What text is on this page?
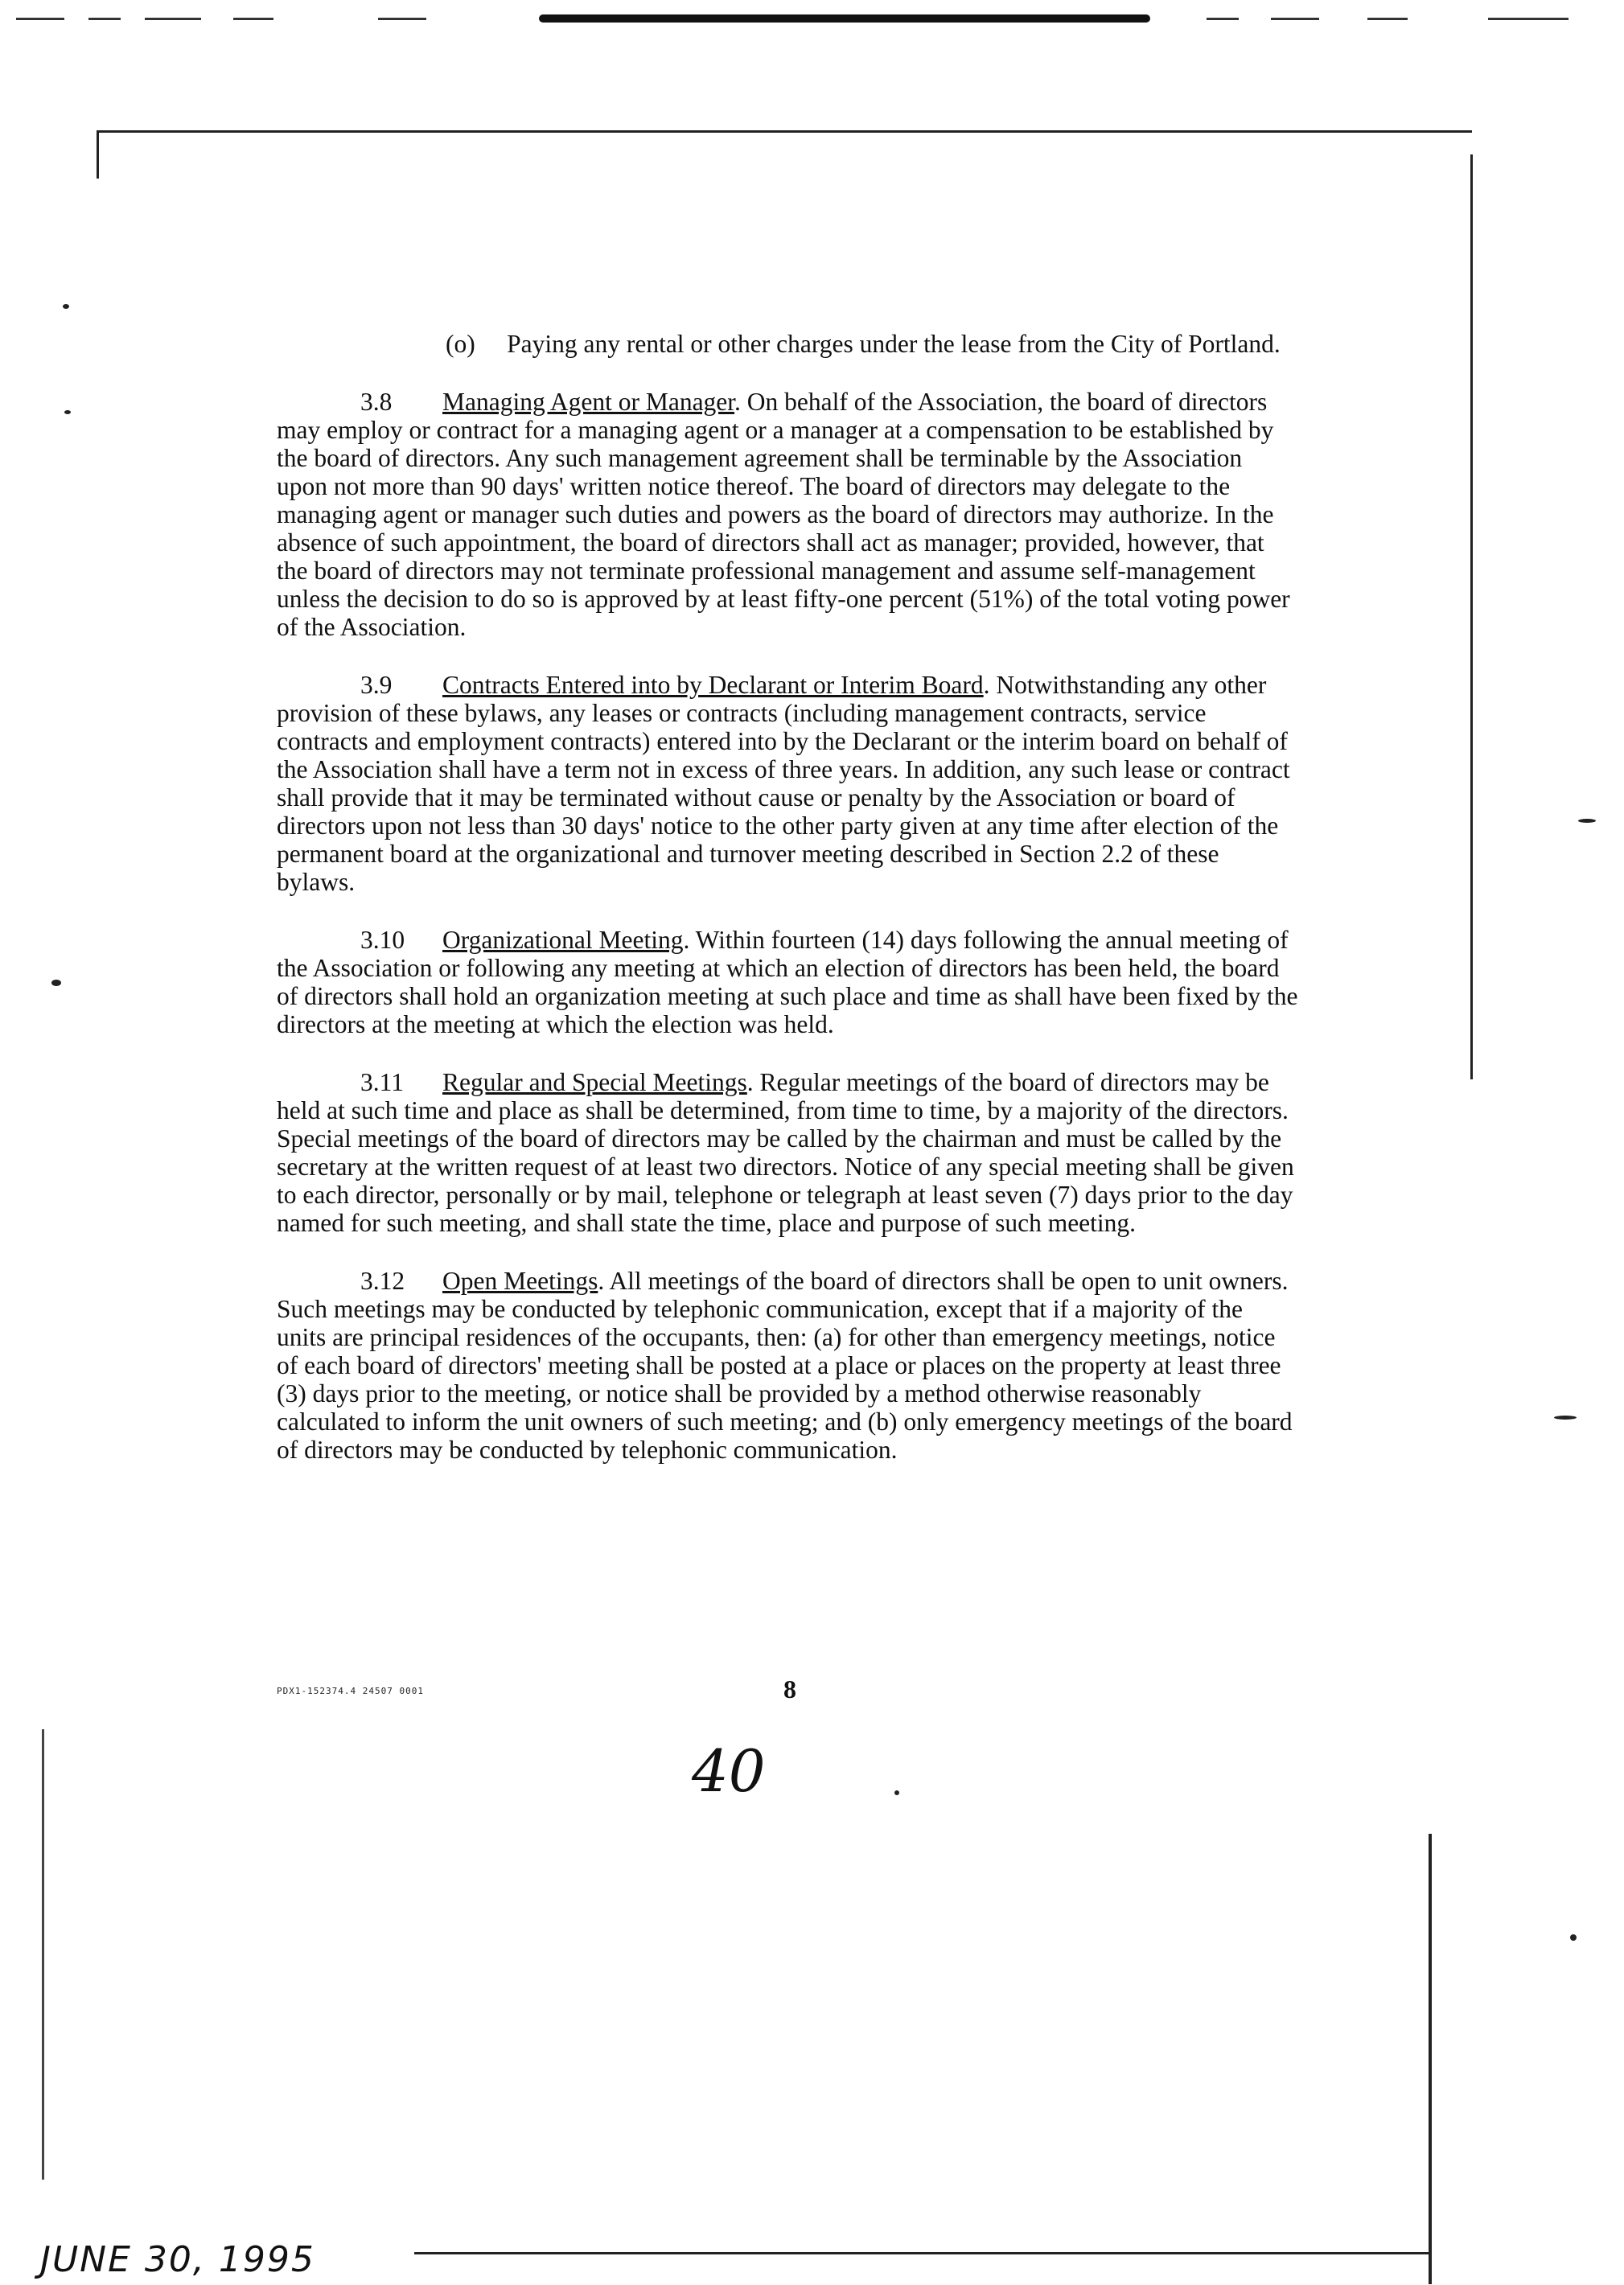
(o) Paying any rental or other charges under the lease from the City of Portland.

3.8 Managing Agent or Manager. On behalf of the Association, the board of directors may employ or contract for a managing agent or a manager at a compensation to be established by the board of directors. Any such management agreement shall be terminable by the Association upon not more than 90 days' written notice thereof. The board of directors may delegate to the managing agent or manager such duties and powers as the board of directors may authorize. In the absence of such appointment, the board of directors shall act as manager; provided, however, that the board of directors may not terminate professional management and assume self-management unless the decision to do so is approved by at least fifty-one percent (51%) of the total voting power of the Association.

3.9 Contracts Entered into by Declarant or Interim Board. Notwithstanding any other provision of these bylaws, any leases or contracts (including management contracts, service contracts and employment contracts) entered into by the Declarant or the interim board on behalf of the Association shall have a term not in excess of three years. In addition, any such lease or contract shall provide that it may be terminated without cause or penalty by the Association or board of directors upon not less than 30 days' notice to the other party given at any time after election of the permanent board at the organizational and turnover meeting described in Section 2.2 of these bylaws.

3.10 Organizational Meeting. Within fourteen (14) days following the annual meeting of the Association or following any meeting at which an election of directors has been held, the board of directors shall hold an organization meeting at such place and time as shall have been fixed by the directors at the meeting at which the election was held.

3.11 Regular and Special Meetings. Regular meetings of the board of directors may be held at such time and place as shall be determined, from time to time, by a majority of the directors. Special meetings of the board of directors may be called by the chairman and must be called by the secretary at the written request of at least two directors. Notice of any special meeting shall be given to each director, personally or by mail, telephone or telegraph at least seven (7) days prior to the day named for such meeting, and shall state the time, place and purpose of such meeting.

3.12 Open Meetings. All meetings of the board of directors shall be open to unit owners. Such meetings may be conducted by telephonic communication, except that if a majority of the units are principal residences of the occupants, then: (a) for other than emergency meetings, notice of each board of directors' meeting shall be posted at a place or places on the property at least three (3) days prior to the meeting, or notice shall be provided by a method otherwise reasonably calculated to inform the unit owners of such meeting; and (b) only emergency meetings of the board of directors may be conducted by telephonic communication.

PDX1-152374.4 24507 0001	8
40
JUNE 30, 1995
